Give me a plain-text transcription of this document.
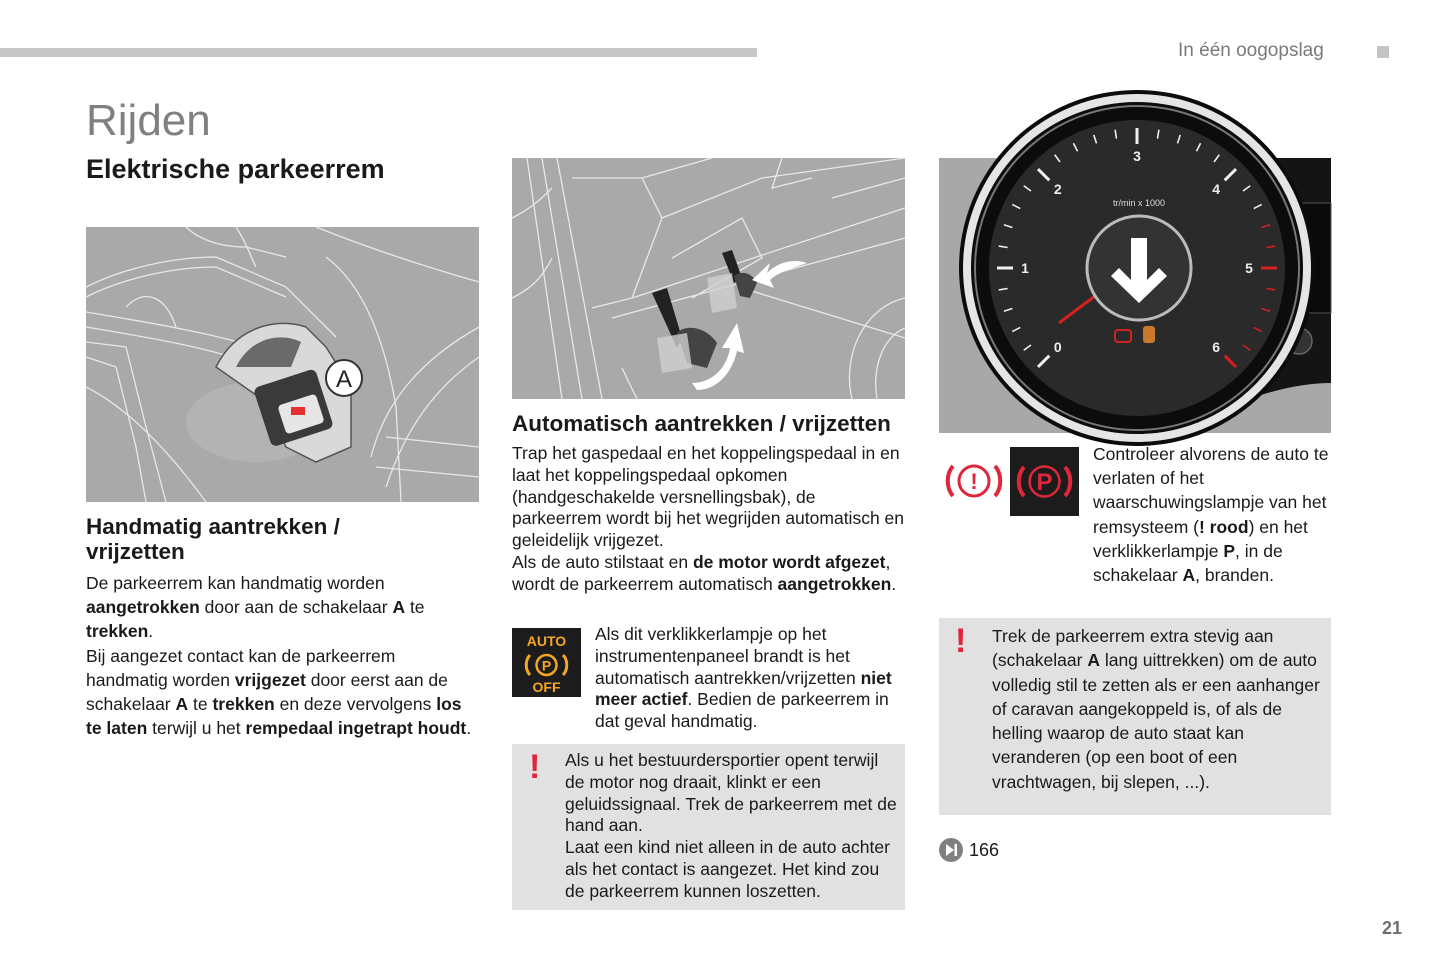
In één oogopslag
Rijden
Elektrische parkeerrem
A
Handmatig aantrekken /
vrijzetten
De parkeerrem kan handmatig worden aangetrokken door aan de schakelaar A te trekken.
Bij aangezet contact kan de parkeerrem handmatig worden vrijgezet door eerst aan de schakelaar A te trekken en deze vervolgens los te laten terwijl u het rempedaal ingetrapt houdt.
Automatisch aantrekken / vrijzetten
Trap het gaspedaal en het koppelingspedaal in en laat het koppelingspedaal opkomen (handgeschakelde versnellingsbak), de parkeerrem wordt bij het wegrijden automatisch en geleidelijk vrijgezet.
Als de auto stilstaat en de motor wordt afgezet, wordt de parkeerrem automatisch aangetrokken.
AUTO
P
OFF
Als dit verklikkerlampje op het instrumentenpaneel brandt is het automatisch aantrekken/vrijzetten niet meer actief. Bedien de parkeerrem in dat geval handmatig.
! Als u het bestuurdersportier opent terwijl de motor nog draait, klinkt er een geluidssignaal. Trek de parkeerrem met de hand aan.
Laat een kind niet alleen in de auto achter als het contact is aangezet. Het kind zou de parkeerrem kunnen loszetten.
0
1
2
3
4
5
6
tr/min x 1000
! P
Controleer alvorens de auto te verlaten of het waarschuwingslampje van het remsysteem (! rood) en het verklikkerlampje P, in de schakelaar A, branden.
! Trek de parkeerrem extra stevig aan (schakelaar A lang uittrekken) om de auto volledig stil te zetten als er een aanhanger of caravan aangekoppeld is, of als de helling waarop de auto staat kan veranderen (op een boot of een vrachtwagen, bij slepen, ...).
166
21
